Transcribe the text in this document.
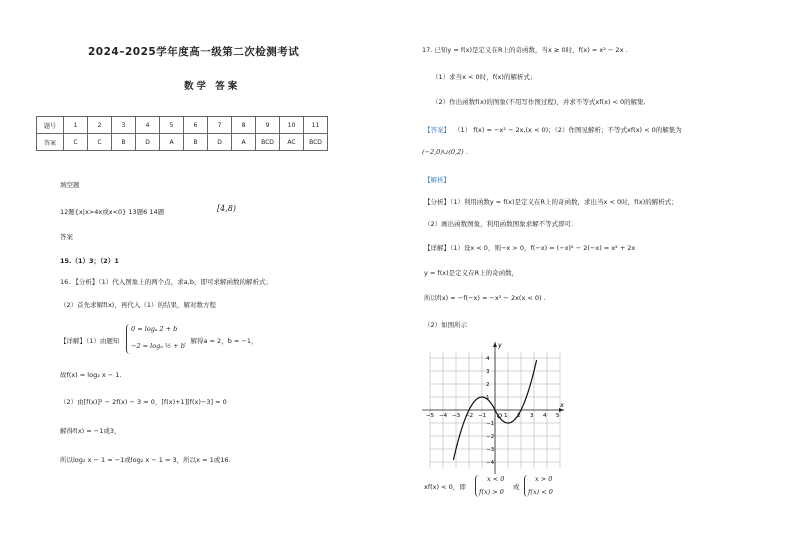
2024–2025学年度高一级第二次检测考试
数学 答案
题号	1	2	3	4	5	6	7	8	9	10	11
答案	C	C	B	D	A	B	D	A	BCD	AC	BCD
填空题
12题{x|x>4x或x<0} 13题6 14题	[4,8)
答案
15.（1）3；（2）1
16. 【分析】（1）代入图象上的两个点，求a,b，即可求解函数的解析式；
（2）首先求解f(x)，再代入（1）的结果，解对数方程
【详解】（1）由题知
0 = logₐ 2 + b
−2 = logₐ ½ + b
，解得a = 2，b = −1，
故f(x) = log₂ x − 1.
（2）由[f(x)]² − 2f(x) − 3 = 0，[f(x)+1][f(x)−3] = 0
解得f(x) = −1或3，
所以log₂ x − 1 = −1或log₂ x − 1 = 3，所以x = 1或16.
17. 已知y = f(x)是定义在R上的奇函数，当x ≥ 0时，f(x) = x² − 2x .
（1）求当x < 0时，f(x)的解析式；
（2）作出函数f(x)的图象(不用写作图过程)，并求不等式xf(x) < 0的解集.
【答案】 （1） f(x) = −x² − 2x,(x < 0)；（2）作图见解析；不等式xf(x) < 0的解集为
(−2,0)∪(0,2) .
【解析】
【分析】（1）利用函数y = f(x)是定义在R上的奇函数，求出当x < 0时，f(x)的解析式；
（2）画出函数图象，利用函数图象求解不等式即可.
【详解】（1）设x < 0，则−x > 0，f(−x) = (−x)² − 2(−x) = x² + 2x
y = f(x)是定义在R上的奇函数，
所以f(x) = −f(−x) = −x² − 2x(x < 0) .
（2）如图所示
x
y
O
−5 −4 −3 −2 −1	1 2 3 4 5
4
3
2
1
−1
−2
−3
−4
xf(x) < 0，即
x < 0
f(x) > 0
或
x > 0
f(x) < 0
